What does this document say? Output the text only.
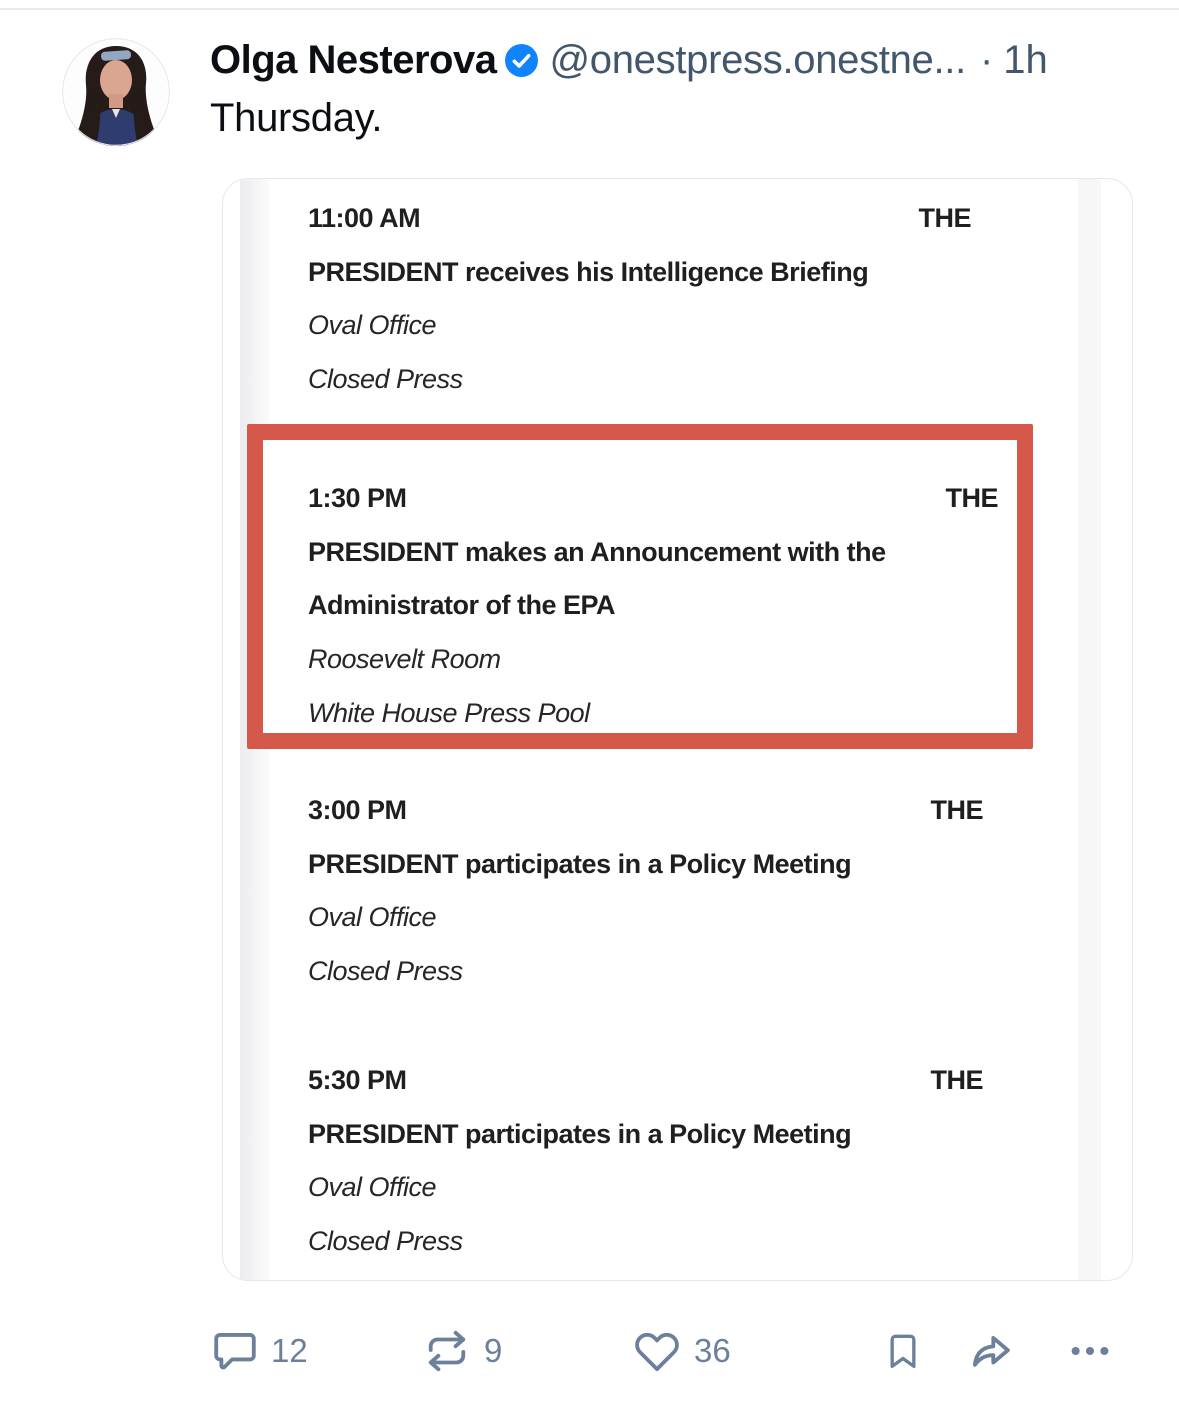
Olga Nesterova @onestpress.onestne... · 1h
Thursday.
11:00 AM	THE
PRESIDENT receives his Intelligence Briefing
Oval Office
Closed Press
1:30 PM	THE
PRESIDENT makes an Announcement with the
Administrator of the EPA
Roosevelt Room
White House Press Pool
3:00 PM	THE
PRESIDENT participates in a Policy Meeting
Oval Office
Closed Press
5:30 PM	THE
PRESIDENT participates in a Policy Meeting
Oval Office
Closed Press
12	9	36
